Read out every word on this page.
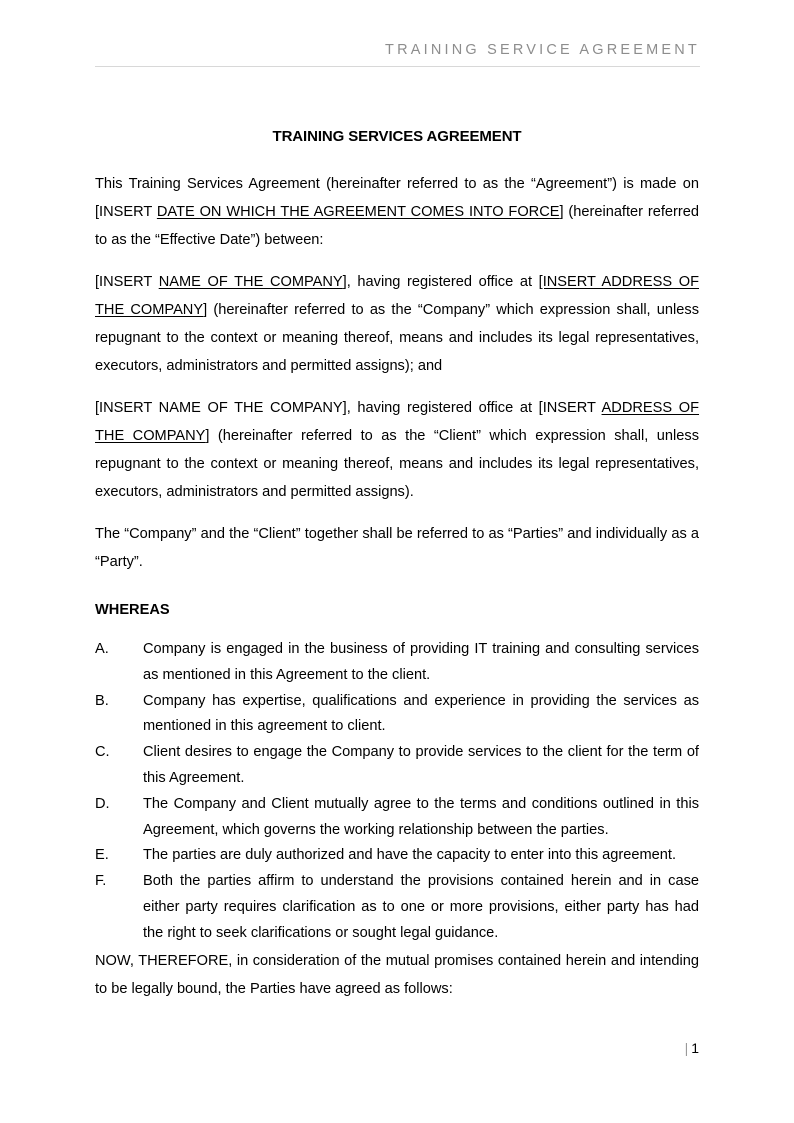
TRAINING SERVICE AGREEMENT
TRAINING SERVICES AGREEMENT

This Training Services Agreement (hereinafter referred to as the “Agreement”) is made on [INSERT DATE ON WHICH THE AGREEMENT COMES INTO FORCE] (hereinafter referred to as the “Effective Date”) between:

[INSERT NAME OF THE COMPANY], having registered office at [INSERT ADDRESS OF THE COMPANY] (hereinafter referred to as the “Company” which expression shall, unless repugnant to the context or meaning thereof, means and includes its legal representatives, executors, administrators and permitted assigns); and

[INSERT NAME OF THE COMPANY], having registered office at [INSERT ADDRESS OF THE COMPANY] (hereinafter referred to as the “Client” which expression shall, unless repugnant to the context or meaning thereof, means and includes its legal representatives, executors, administrators and permitted assigns).

The “Company” and the “Client” together shall be referred to as “Parties” and individually as a “Party”.

WHEREAS
A.	Company is engaged in the business of providing IT training and consulting services as mentioned in this Agreement to the client.
B.	Company has expertise, qualifications and experience in providing the services as mentioned in this agreement to client.
C.	Client desires to engage the Company to provide services to the client for the term of this Agreement.
D.	The Company and Client mutually agree to the terms and conditions outlined in this Agreement, which governs the working relationship between the parties.
E.	The parties are duly authorized and have the capacity to enter into this agreement.
F.	Both the parties affirm to understand the provisions contained herein and in case either party requires clarification as to one or more provisions, either party has had the right to seek clarifications or sought legal guidance.

NOW, THEREFORE, in consideration of the mutual promises contained herein and intending to be legally bound, the Parties have agreed as follows:

| 1
